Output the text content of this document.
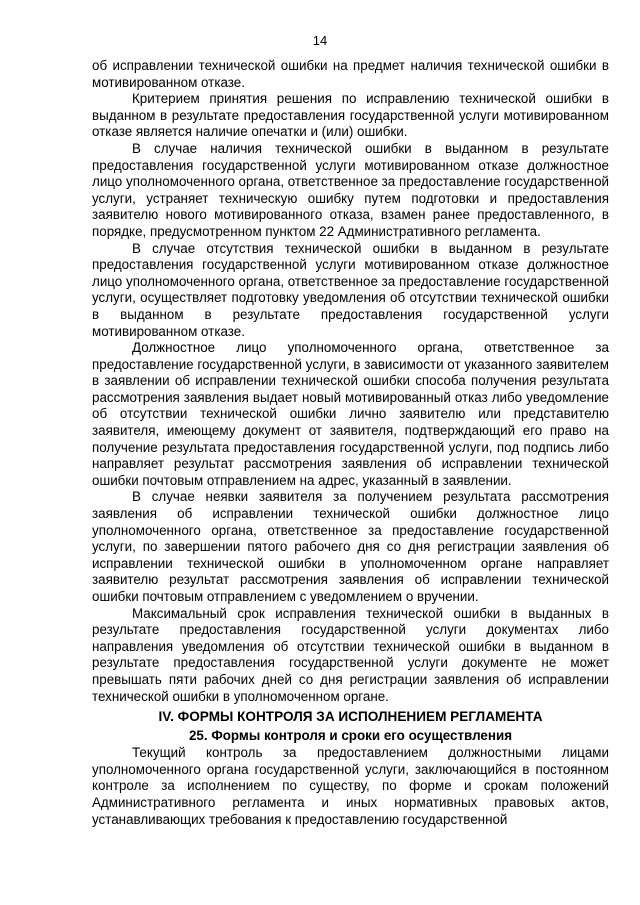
14

об исправлении технической ошибки на предмет наличия технической ошибки в мотивированном отказе.

Критерием принятия решения по исправлению технической ошибки в выданном в результате предоставления государственной услуги мотивированном отказе является наличие опечатки и (или) ошибки.

В случае наличия технической ошибки в выданном в результате предоставления государственной услуги мотивированном отказе должностное лицо уполномоченного органа, ответственное за предоставление государственной услуги, устраняет техническую ошибку путем подготовки и предоставления заявителю нового мотивированного отказа, взамен ранее предоставленного, в порядке, предусмотренном пунктом 22 Административного регламента.

В случае отсутствия технической ошибки в выданном в результате предоставления государственной услуги мотивированном отказе должностное лицо уполномоченного органа, ответственное за предоставление государственной услуги, осуществляет подготовку уведомления об отсутствии технической ошибки в выданном в результате предоставления государственной услуги мотивированном отказе.

Должностное лицо уполномоченного органа, ответственное за предоставление государственной услуги, в зависимости от указанного заявителем в заявлении об исправлении технической ошибки способа получения результата рассмотрения заявления выдает новый мотивированный отказ либо уведомление об отсутствии технической ошибки лично заявителю или представителю заявителя, имеющему документ от заявителя, подтверждающий его право на получение результата предоставления государственной услуги, под подпись либо направляет результат рассмотрения заявления об исправлении технической ошибки почтовым отправлением на адрес, указанный в заявлении.

В случае неявки заявителя за получением результата рассмотрения заявления об исправлении технической ошибки должностное лицо уполномоченного органа, ответственное за предоставление государственной услуги, по завершении пятого рабочего дня со дня регистрации заявления об исправлении технической ошибки в уполномоченном органе направляет заявителю результат рассмотрения заявления об исправлении технической ошибки почтовым отправлением с уведомлением о вручении.

Максимальный срок исправления технической ошибки в выданных в результате предоставления государственной услуги документах либо направления уведомления об отсутствии технической ошибки в выданном в результате предоставления государственной услуги документе не может превышать пяти рабочих дней со дня регистрации заявления об исправлении технической ошибки в уполномоченном органе.

IV. ФОРМЫ КОНТРОЛЯ ЗА ИСПОЛНЕНИЕМ РЕГЛАМЕНТА
25. Формы контроля и сроки его осуществления

Текущий контроль за предоставлением должностными лицами уполномоченного органа государственной услуги, заключающийся в постоянном контроле за исполнением по существу, по форме и срокам положений Административного регламента и иных нормативных правовых актов, устанавливающих требования к предоставлению государственной
